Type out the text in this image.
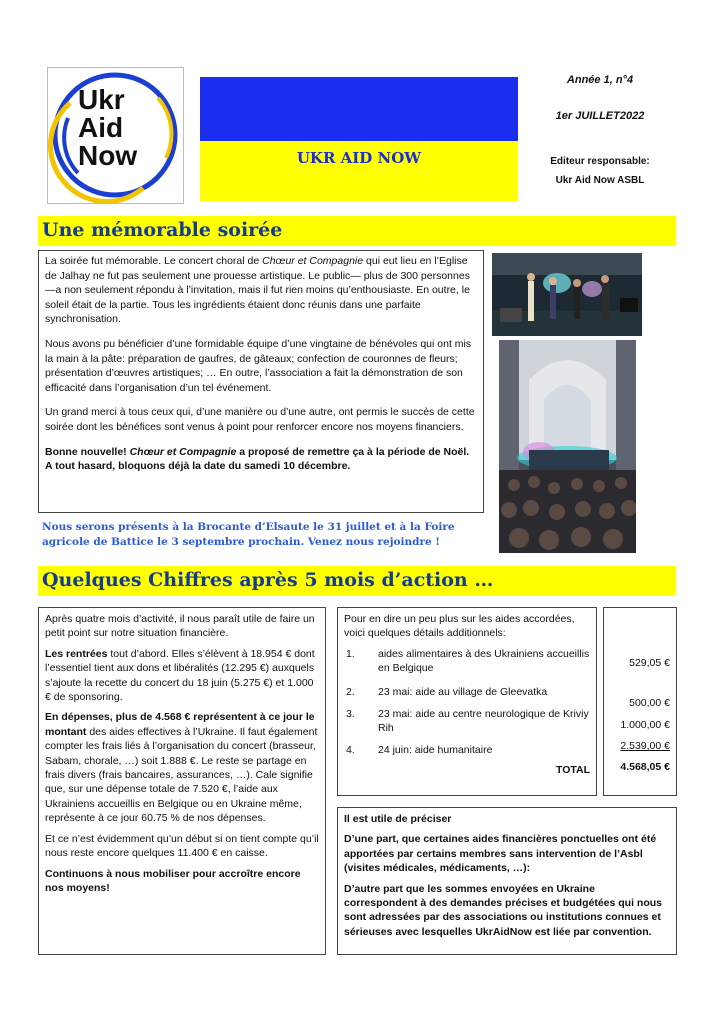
Ukr
Aid
Now	UKR AID NOW
Année 1, n°4
1er JUILLET2022
Editeur responsable:
Ukr Aid Now ASBL
Une mémorable soirée

La soirée fut mémorable. Le concert choral de Chœur et Compagnie qui eut lieu en l’Eglise de Jalhay ne fut pas seulement une prouesse artistique. Le public— plus de 300 personnes—a non seulement répondu à l’invitation, mais il fut rien moins qu’enthousiaste. En outre, le soleil était de la partie. Tous les ingrédients étaient donc réunis dans une parfaite synchronisation.

Nous avons pu bénéficier d’une formidable équipe d’une vingtaine de bénévoles qui ont mis la main à la pâte: préparation de gaufres, de gâteaux; confection de couronnes de fleurs; présentation d’œuvres artistiques; … En outre, l’association a fait la démonstration de son efficacité dans l’organisation d’un tel événement.

Un grand merci à tous ceux qui, d’une manière ou d’une autre, ont permis le succès de cette soirée dont les bénéfices sont venus à point pour renforcer encore nos moyens financiers.

Bonne nouvelle! Chœur et Compagnie a proposé de remettre ça à la période de Noël. A tout hasard, bloquons déjà la date du samedi 10 décembre.

Nous serons présents à la Brocante d’Elsaute le 31 juillet et à la Foire agricole de Battice le 3 septembre prochain. Venez nous rejoindre !
Quelques Chiffres après 5 mois d’action …

Après quatre mois d’activité, il nous paraît utile de faire un petit point sur notre situation financière.

Les rentrées tout d’abord. Elles s’élèvent à 18.954 € dont l’essentiel tient aux dons et libéralités (12.295 €) auxquels s’ajoute la recette du concert du 18 juin (5.275 €) et 1.000 € de sponsoring.

En dépenses, plus de 4.568 € représentent à ce jour le montant des aides effectives à l’Ukraine. Il faut également compter les frais liés à l’organisation du concert (brasseur, Sabam, chorale, …) soit 1.888 €. Le reste se partage en frais divers (frais bancaires, assurances, …). Cale signifie que, sur une dépense totale de 7.520 €, l’aide aux Ukrainiens accueillis en Belgique ou en Ukraine même, représente à ce jour 60.75 % de nos dépenses.

Et ce n’est évidemment qu’un début si on tient compte qu’il nous reste encore quelques 11.400 € en caisse.

Continuons à nous mobiliser pour accroître encore nos moyens!

Pour en dire un peu plus sur les aides accordées, voici quelques détails additionnels:
1. aides alimentaires à des Ukrainiens accueillis en Belgique
2. 23 mai: aide au village de Gleevatka
3. 23 mai: aide au centre neurologique de Kriviy Rih
4. 24 juin: aide humanitaire
TOTAL
529,05 €
500,00 €
1.000,00 €
2.539,00 €
4.568,05 €

Il est utile de préciser

D’une part, que certaines aides financières ponctuelles ont été apportées par certains membres sans intervention de l’Asbl (visites médicales, médicaments, …):

D’autre part que les sommes envoyées en Ukraine correspondent à des demandes précises et budgétées qui nous sont adressées par des associations ou institutions connues et sérieuses avec lesquelles UkrAidNow est liée par convention.
